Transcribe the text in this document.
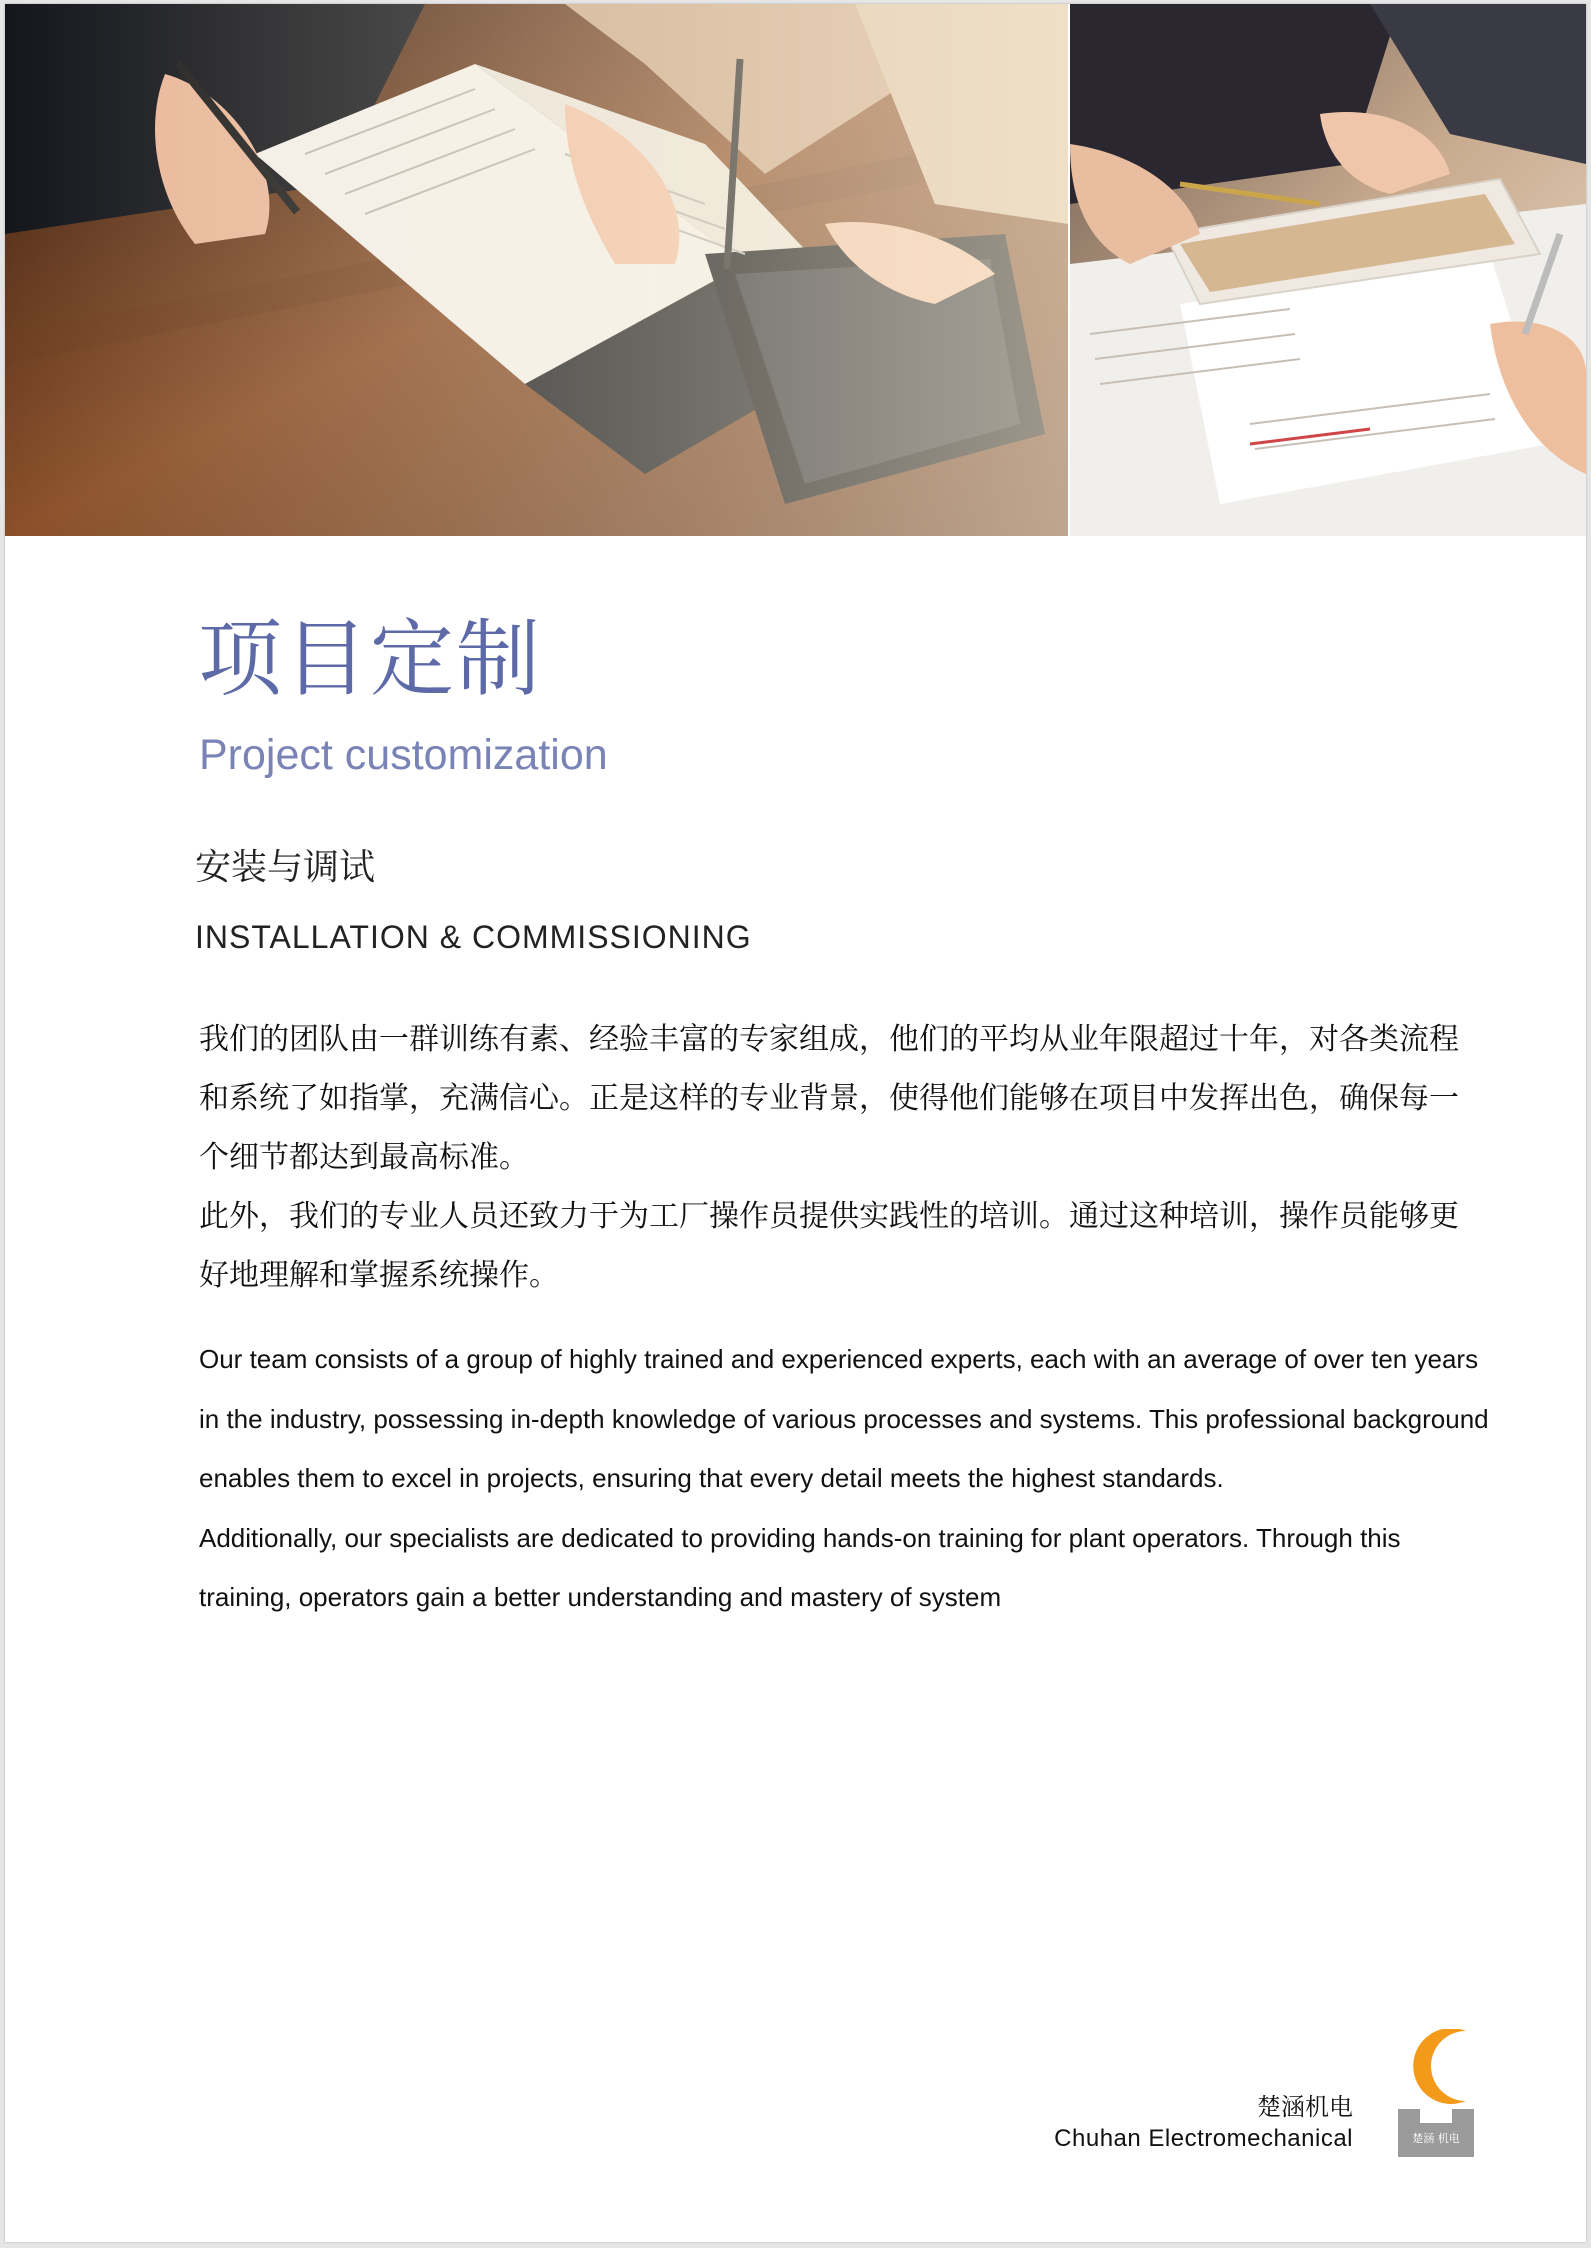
项目定制
Project customization
安装与调试
INSTALLATION & COMMISSIONING

我们的团队由一群训练有素、经验丰富的专家组成，他们的平均从业年限超过十年，对各类流程和系统了如指掌，充满信心。正是这样的专业背景，使得他们能够在项目中发挥出色，确保每一个细节都达到最高标准。

此外，我们的专业人员还致力于为工厂操作员提供实践性的培训。通过这种培训，操作员能够更好地理解和掌握系统操作。

Our team consists of a group of highly trained and experienced experts, each with an average of over ten years in the industry, possessing in-depth knowledge of various processes and systems. This professional background enables them to excel in projects, ensuring that every detail meets the highest standards.

Additionally, our specialists are dedicated to providing hands-on training for plant operators. Through this training, operators gain a better understanding and mastery of system

楚涵机电
Chuhan Electromechanical	楚涵 机电
